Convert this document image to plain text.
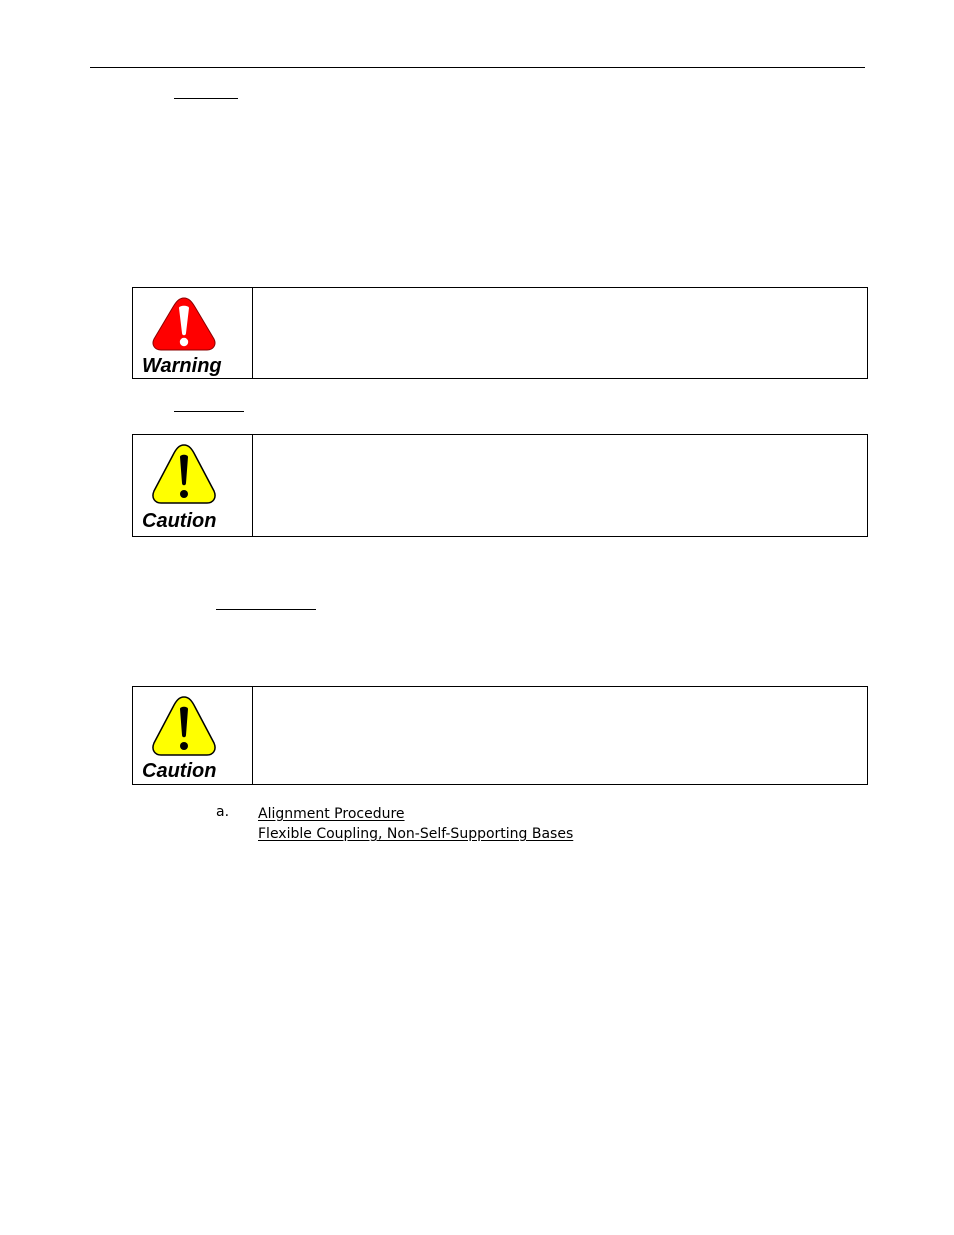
Warning
Caution
Caution
a. Alignment Procedure
Flexible Coupling, Non-Self-Supporting Bases
